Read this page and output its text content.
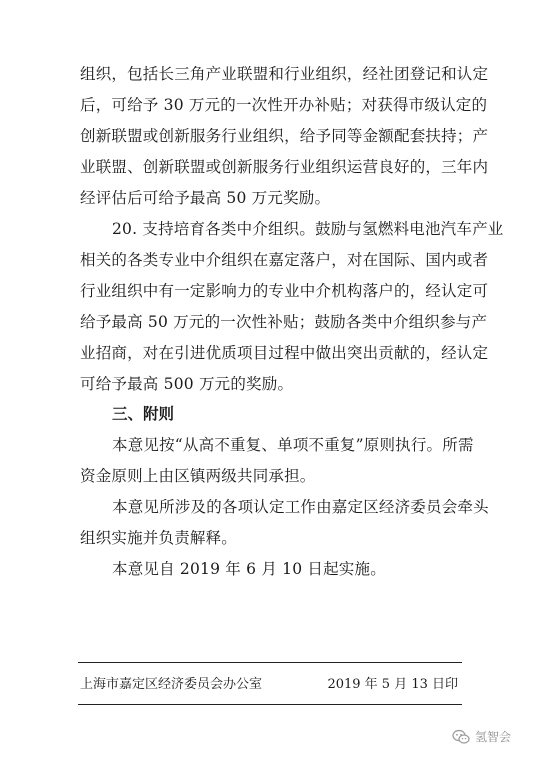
组织，包括长三角产业联盟和行业组织，经社团登记和认定
后，可给予 30 万元的一次性开办补贴；对获得市级认定的
创新联盟或创新服务行业组织，给予同等金额配套扶持；产
业联盟、创新联盟或创新服务行业组织运营良好的，三年内
经评估后可给予最高 50 万元奖励。
20. 支持培育各类中介组织。鼓励与氢燃料电池汽车产业
相关的各类专业中介组织在嘉定落户，对在国际、国内或者
行业组织中有一定影响力的专业中介机构落户的，经认定可
给予最高 50 万元的一次性补贴；鼓励各类中介组织参与产
业招商，对在引进优质项目过程中做出突出贡献的，经认定
可给予最高 500 万元的奖励。
三、附则
本意见按“从高不重复、单项不重复”原则执行。所需
资金原则上由区镇两级共同承担。
本意见所涉及的各项认定工作由嘉定区经济委员会牵头
组织实施并负责解释。
本意见自 2019 年 6 月 10 日起实施。
上海市嘉定区经济委员会办公室	2019 年 5 月 13 日印
氢智会
